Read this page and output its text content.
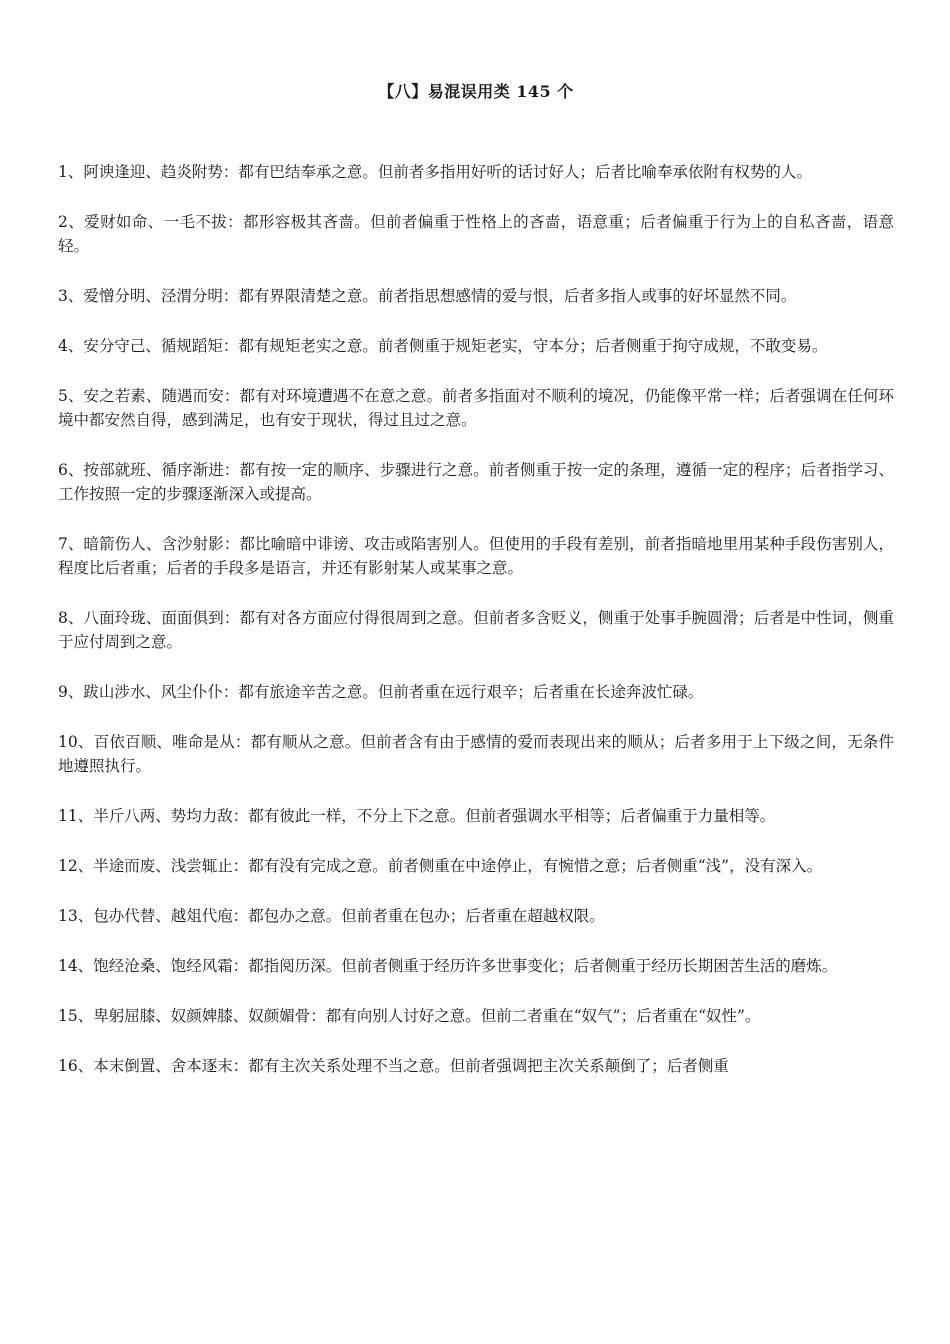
【八】易混误用类 145 个

1、阿谀逢迎、趋炎附势：都有巴结奉承之意。但前者多指用好听的话讨好人；后者比喻奉承依附有权势的人。

2、爱财如命、一毛不拔：都形容极其吝啬。但前者偏重于性格上的吝啬，语意重；后者偏重于行为上的自私吝啬，语意轻。

3、爱憎分明、泾渭分明：都有界限清楚之意。前者指思想感情的爱与恨，后者多指人或事的好坏显然不同。

4、安分守己、循规蹈矩：都有规矩老实之意。前者侧重于规矩老实，守本分；后者侧重于拘守成规，不敢变易。

5、安之若素、随遇而安：都有对环境遭遇不在意之意。前者多指面对不顺利的境况，仍能像平常一样；后者强调在任何环境中都安然自得，感到满足，也有安于现状，得过且过之意。

6、按部就班、循序渐进：都有按一定的顺序、步骤进行之意。前者侧重于按一定的条理，遵循一定的程序；后者指学习、工作按照一定的步骤逐渐深入或提高。

7、暗箭伤人、含沙射影：都比喻暗中诽谤、攻击或陷害别人。但使用的手段有差别，前者指暗地里用某种手段伤害别人，程度比后者重；后者的手段多是语言，并还有影射某人或某事之意。

8、八面玲珑、面面俱到：都有对各方面应付得很周到之意。但前者多含贬义，侧重于处事手腕圆滑；后者是中性词，侧重于应付周到之意。

9、跋山涉水、风尘仆仆：都有旅途辛苦之意。但前者重在远行艰辛；后者重在长途奔波忙碌。

10、百依百顺、唯命是从：都有顺从之意。但前者含有由于感情的爱而表现出来的顺从；后者多用于上下级之间，无条件地遵照执行。

11、半斤八两、势均力敌：都有彼此一样，不分上下之意。但前者强调水平相等；后者偏重于力量相等。

12、半途而废、浅尝辄止：都有没有完成之意。前者侧重在中途停止，有惋惜之意；后者侧重“浅”，没有深入。

13、包办代替、越俎代庖：都包办之意。但前者重在包办；后者重在超越权限。

14、饱经沧桑、饱经风霜：都指阅历深。但前者侧重于经历许多世事变化；后者侧重于经历长期困苦生活的磨炼。

15、卑躬屈膝、奴颜婢膝、奴颜媚骨：都有向别人讨好之意。但前二者重在“奴气”；后者重在“奴性”。

16、本末倒置、舍本逐末：都有主次关系处理不当之意。但前者强调把主次关系颠倒了；后者侧重
